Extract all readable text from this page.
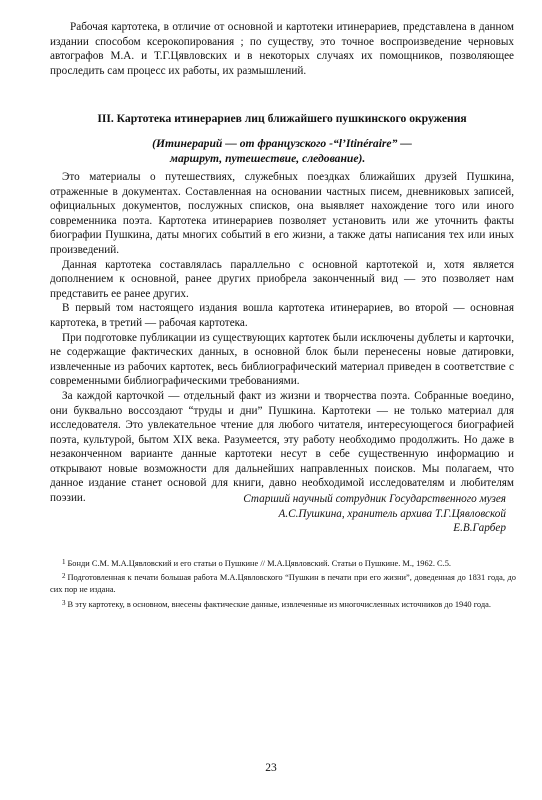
Рабочая картотека, в отличие от основной и картотеки итинерариев, представлена в данном издании способом ксерокопирования ; по существу, это точное воспроизведение черновых автографов М.А. и Т.Г.Цявловских и в некоторых случаях их помощников, позволяющее проследить сам процесс их работы, их размышлений.

III. Картотека итинерариев лиц ближайшего пушкинского окружения
(Итинерарий — от французского -“l’Itinéraire” —
маршрут, путешествие, следование).

Это материалы о путешествиях, служебных поездках ближайших друзей Пушкина, отраженные в документах. Составленная на основании частных писем, дневниковых записей, официальных документов, послужных списков, она выявляет нахождение того или иного современника поэта. Картотека итинерариев позволяет установить или же уточнить факты биографии Пушкина, даты многих событий в его жизни, а также даты написания тех или иных произведений.

Данная картотека составлялась параллельно с основной картотекой и, хотя является дополнением к основной, ранее других приобрела законченный вид — это позволяет нам представить ее ранее других.

В первый том настоящего издания вошла картотека итинерариев, во второй — основная картотека, в третий — рабочая картотека.

При подготовке публикации из существующих картотек были исключены дублеты и карточки, не содержащие фактических данных, в основной блок были перенесены новые датировки, извлеченные из рабочих картотек, весь библиографический материал приведен в соответствие с современными библиографическими требованиями.

За каждой карточкой — отдельный факт из жизни и творчества поэта. Собранные воедино, они буквально воссоздают “труды и дни” Пушкина. Картотеки — не только материал для исследователя. Это увлекательное чтение для любого читателя, интересующегося биографией поэта, культурой, бытом XIX века. Разумеется, эту работу необходимо продолжить. Но даже в незаконченном варианте данные картотеки несут в себе существенную информацию и открывают новые возможности для дальнейших направленных поисков. Мы полагаем, что данное издание станет основой для книги, давно необходимой исследователям и любителям поэзии.	Старший научный сотрудник Государственного музея
А.С.Пушкина, хранитель архива Т.Г.Цявловской
Е.В.Гарбер

$^1$ Бонди С.М. М.А.Цявловский и его статьи о Пушкине // М.А.Цявловский. Статьи о Пушкине. М., 1962. С.5.

$^2$ Подготовленная к печати большая работа М.А.Цявловского “Пушкин в печати при его жизни”, доведенная до 1831 года, до сих пор не издана.

$^3$ В эту картотеку, в основном, внесены фактические данные, извлеченные из многочисленных источников до 1940 года.

23
